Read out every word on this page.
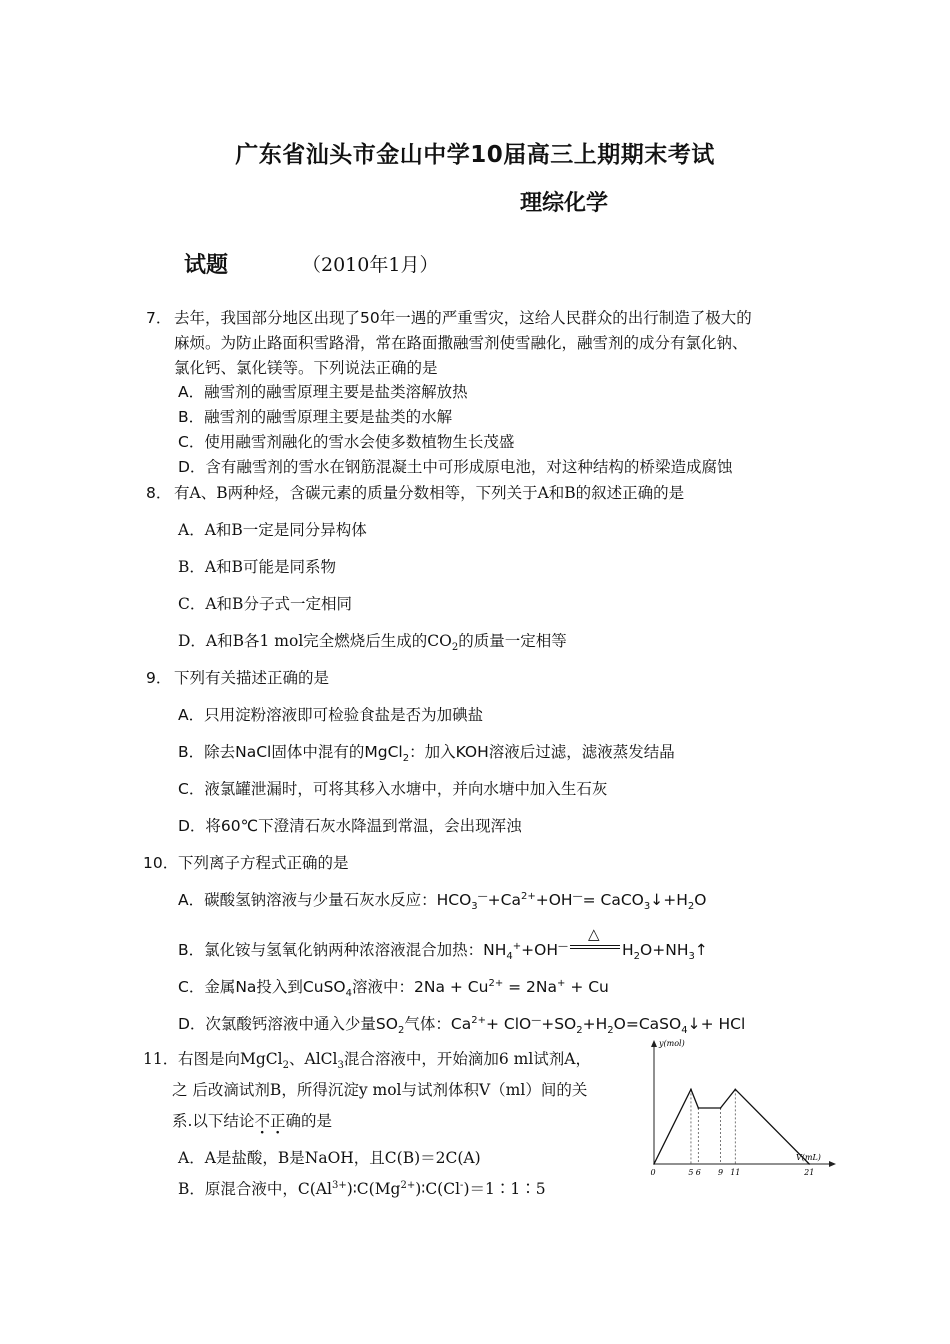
广东省汕头市金山中学10届高三上期期末考试
理综化学
试题	（2010年1月）
7． 去年，我国部分地区出现了50年一遇的严重雪灾，这给人民群众的出行制造了极大的
麻烦。为防止路面积雪路滑，常在路面撒融雪剂使雪融化，融雪剂的成分有氯化钠、
氯化钙、氯化镁等。下列说法正确的是
A．融雪剂的融雪原理主要是盐类溶解放热
B．融雪剂的融雪原理主要是盐类的水解
C．使用融雪剂融化的雪水会使多数植物生长茂盛
D．含有融雪剂的雪水在钢筋混凝土中可形成原电池，对这种结构的桥梁造成腐蚀
8． 有A、B两种烃，含碳元素的质量分数相等，下列关于A和B的叙述正确的是
A．A和B一定是同分异构体
B．A和B可能是同系物
C．A和B分子式一定相同
D．A和B各1 mol完全燃烧后生成的$CO_2$的质量一定相等
9． 下列有关描述正确的是
A．只用淀粉溶液即可检验食盐是否为加碘盐
B．除去NaCl固体中混有的MgCl$_2$：加入KOH溶液后过滤，滤液蒸发结晶
C．液氯罐泄漏时，可将其移入水塘中，并向水塘中加入生石灰
D．将60℃下澄清石灰水降温到常温，会出现浑浊
10． 下列离子方程式正确的是
A．碳酸氢钠溶液与少量石灰水反应：$HCO_3^—+Ca^{2+}+OH^—=$ $CaCO_3↓+H_2O$
B．氯化铵与氢氧化钠两种浓溶液混合加热：$NH_4^++OH^—$
△
$H_2O+NH_3↑$
C．金属Na投入到CuSO$_4$溶液中：$2Na + Cu^{2+} = 2Na^+ + Cu$
D．次氯酸钙溶液中通入少量$SO_2$气体：$Ca^{2+}+$ $ClO^—+SO_2+H_2O=CaSO_4↓+$ HCl
11． 右图是向MgCl$_2$、AlCl$_3$混合溶液中，开始滴加6 ml试剂A，
之 后改滴试剂B，所得沉淀y mol与试剂体积V（ml）间的关
系.以下结论不正确的是
A．A是盐酸，B是NaOH，且C(B)＝2C(A)
B．原混合液中，$C(Al^{3+})∶C(Mg^{2+})∶C(Cl^-)=1∶1∶5$
y(mol)
V(mL)
0	5 6 9 11	21
